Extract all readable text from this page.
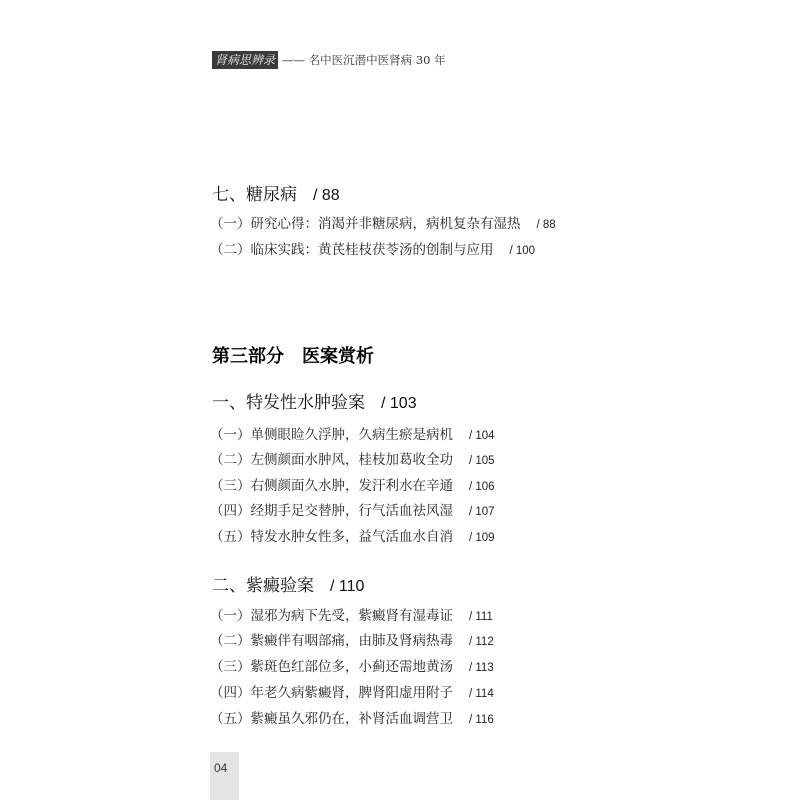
肾病思辨录 —— 名中医沉潜中医肾病 30 年
七、糖尿病 / 88
（一）研究心得：消渴并非糖尿病，病机复杂有湿热 / 88
（二）临床实践：黄芪桂枝茯苓汤的创制与应用 / 100
第三部分　医案赏析
一、特发性水肿验案 / 103
（一）单侧眼睑久浮肿，久病生瘀是病机 / 104
（二）左侧颜面水肿风，桂枝加葛收全功 / 105
（三）右侧颜面久水肿，发汗利水在辛通 / 106
（四）经期手足交替肿，行气活血祛风湿 / 107
（五）特发水肿女性多，益气活血水自消 / 109
二、紫癜验案 / 110
（一）湿邪为病下先受，紫癜肾有湿毒证 / 111
（二）紫癜伴有咽部痛，由肺及肾病热毒 / 112
（三）紫斑色红部位多，小蓟还需地黄汤 / 113
（四）年老久病紫癜肾，脾肾阳虚用附子 / 114
（五）紫癜虽久邪仍在，补肾活血调营卫 / 116
04
